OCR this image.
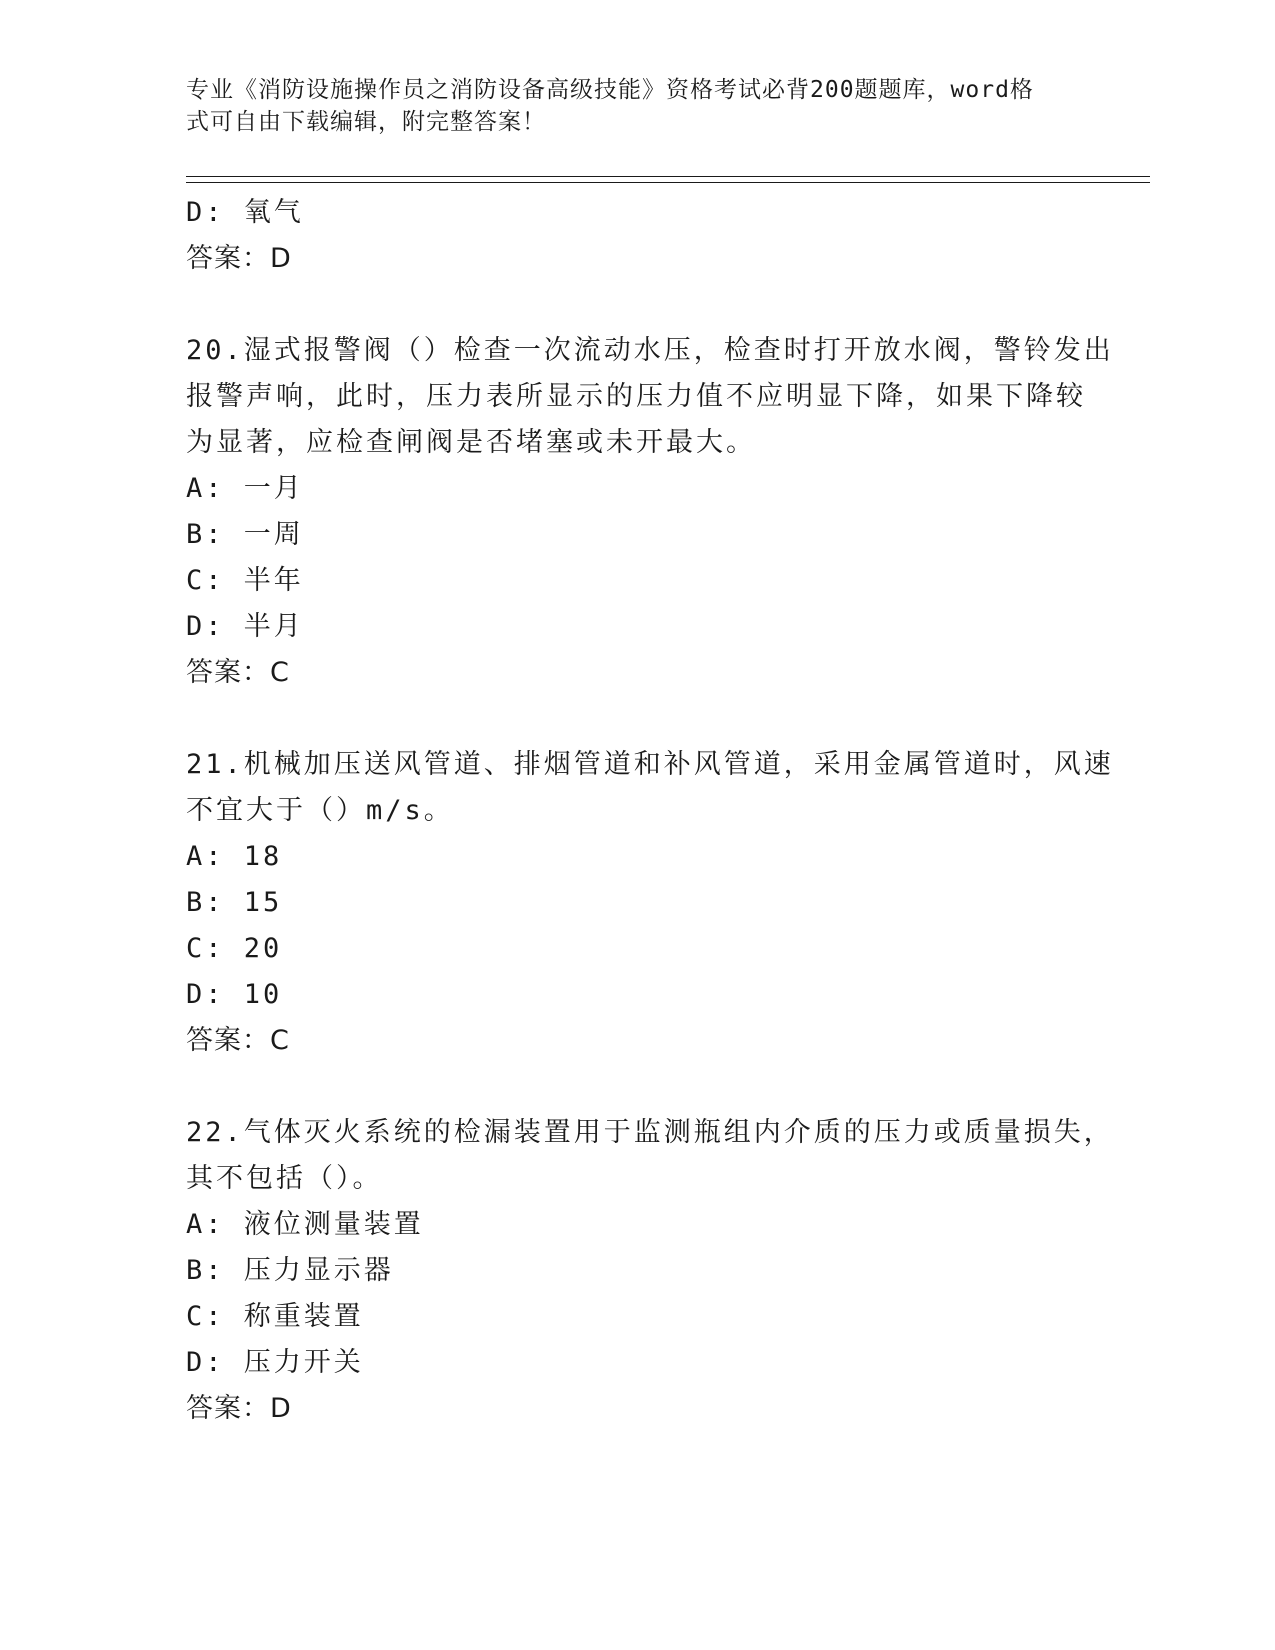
专业《消防设施操作员之消防设备高级技能》资格考试必背200题题库，word格
式可自由下载编辑，附完整答案！
D: 氧气
答案：D
20.湿式报警阀（）检查一次流动水压，检查时打开放水阀，警铃发出
报警声响，此时，压力表所显示的压力值不应明显下降，如果下降较
为显著，应检查闸阀是否堵塞或未开最大。
A: 一月
B: 一周
C: 半年
D: 半月
答案：C
21.机械加压送风管道、排烟管道和补风管道，采用金属管道时，风速
不宜大于（）m/s。
A: 18
B: 15
C: 20
D: 10
答案：C
22.气体灭火系统的检漏装置用于监测瓶组内介质的压力或质量损失，
其不包括（）。
A: 液位测量装置
B: 压力显示器
C: 称重装置
D: 压力开关
答案：D
